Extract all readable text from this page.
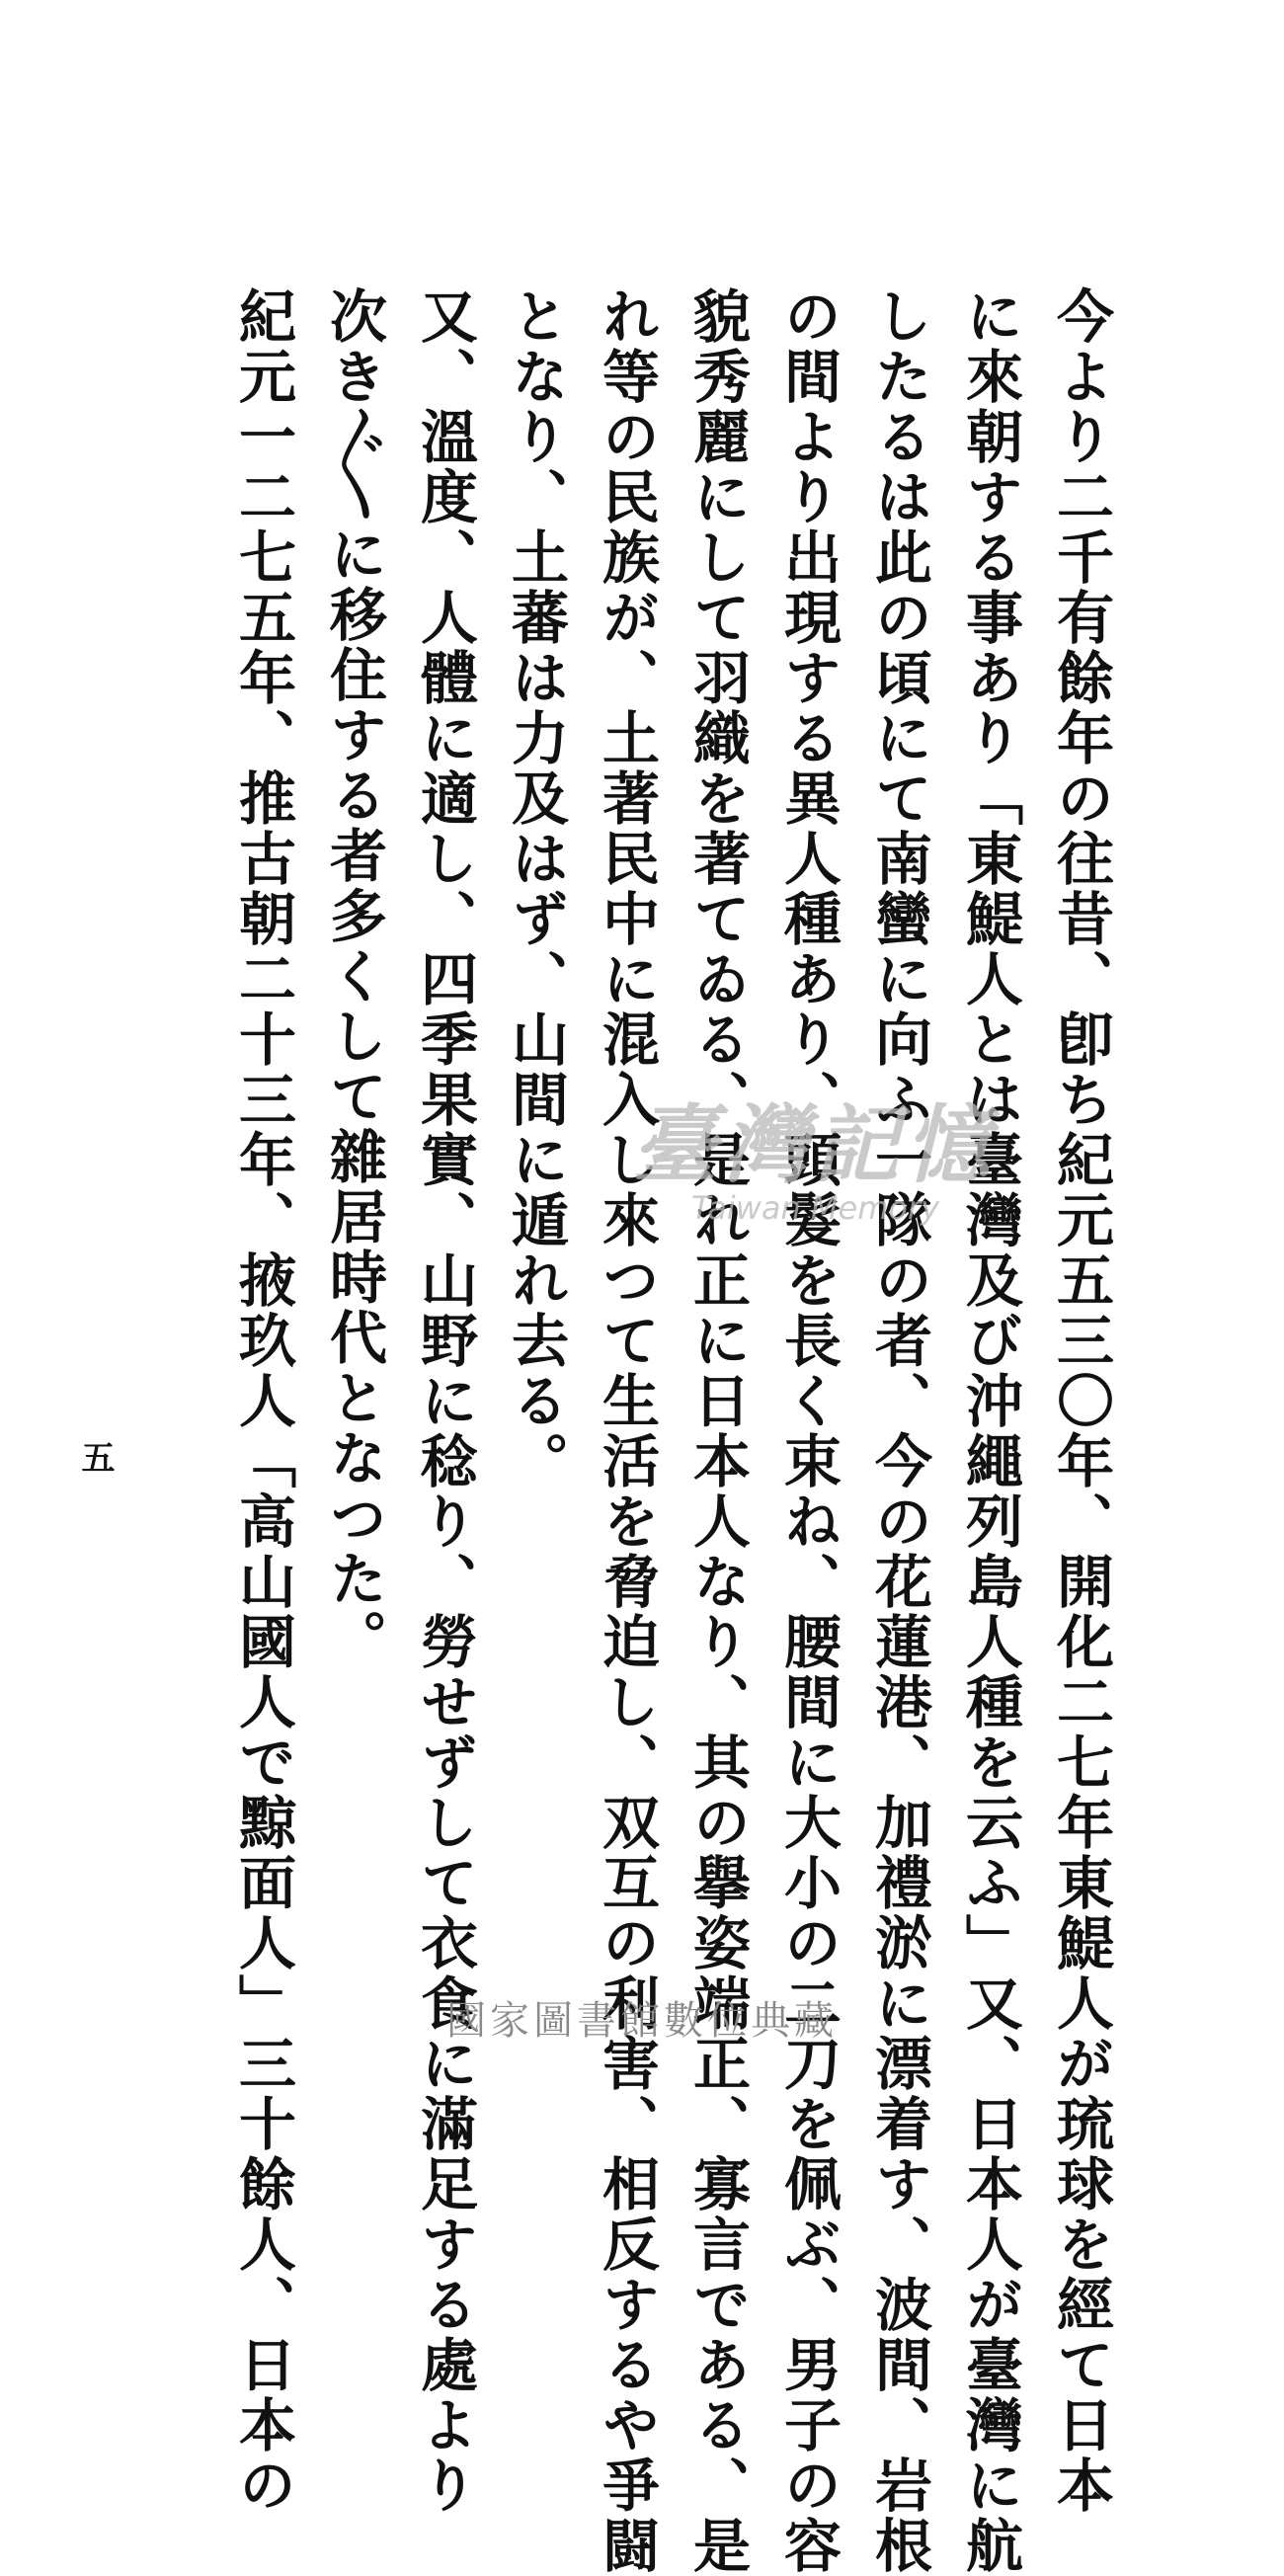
今より二千有餘年の往昔、卽ち紀元五三〇年、開化二七年東鯷人が琉球を經て日本
に來朝する事あり「東鯷人とは臺灣及び沖繩列島人種を云ふ」又、日本人が臺灣に航
したるは此の頃にて南蠻に向ふ一隊の者、今の花蓮港、加禮淤に漂着す、波間、岩根
の間より出現する異人種あり、頭髮を長く束ね、腰間に大小の二刀を佩ぶ、男子の容
貌秀麗にして羽織を著てゐる、是れ正に日本人なり、其の擧姿端正、寡言である、是
れ等の民族が、土著民中に混入し來つて生活を脅迫し、双互の利害、相反するや爭闘
となり、土蕃は力及はず、山間に遁れ去る。
又、溫度、人體に適し、四季果實、山野に稔り、勞せずして衣食に滿足する處より
次き〲に移住する者多くして雜居時代となつた。
紀元一二七五年、推古朝二十三年、掖玖人「高山國人で黥面人」三十餘人、日本の	臺灣記憶
Taiwan Memory
五
國家圖書館數位典藏
